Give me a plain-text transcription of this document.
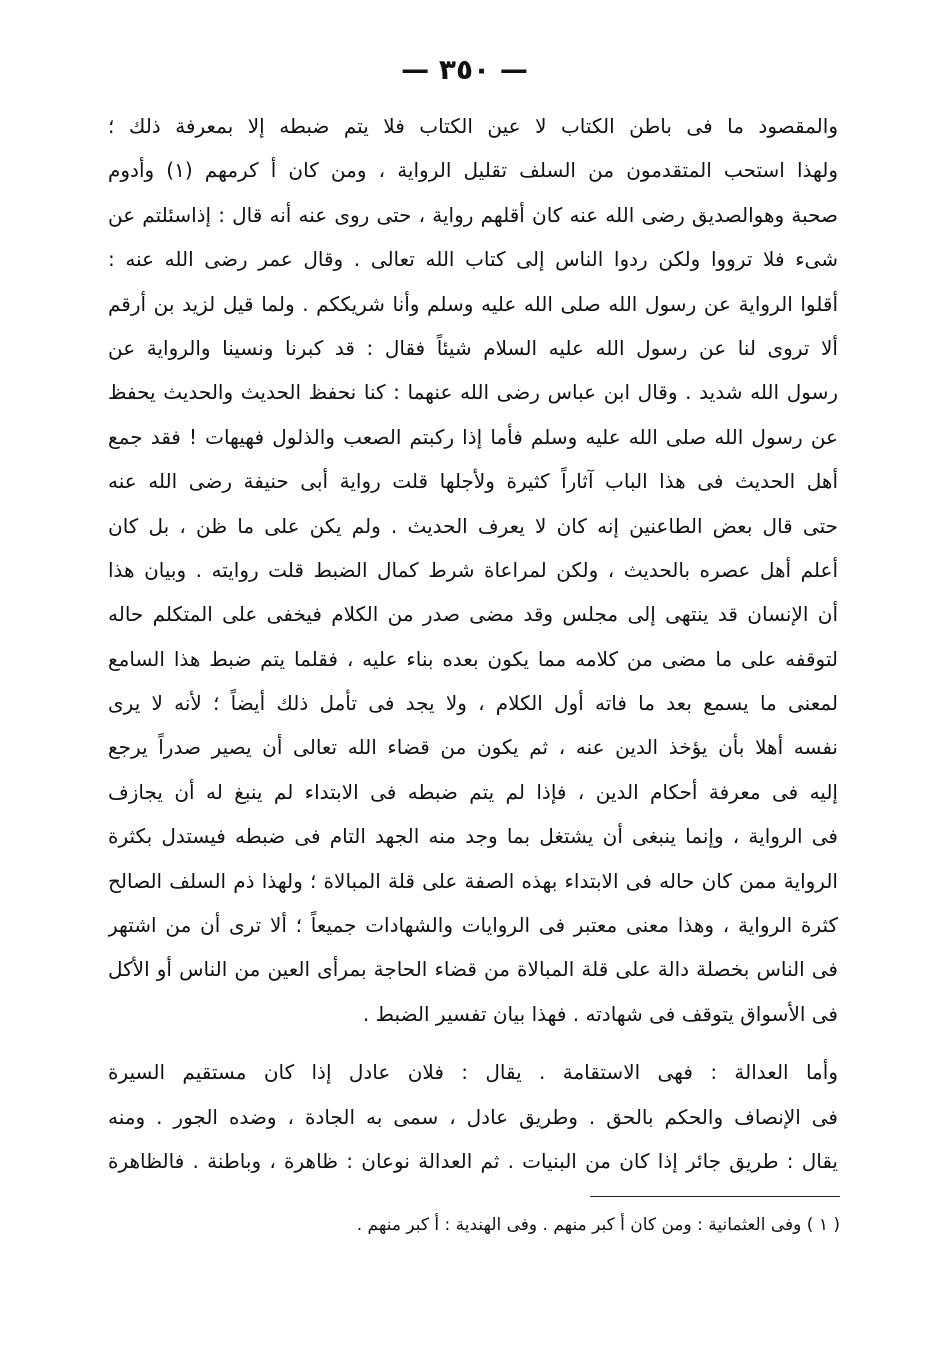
— ٣٥٠ —
والمقصود ما فى باطن الكتاب لا عين الكتاب فلا يتم ضبطه إلا بمعرفة ذلك ؛
ولهذا استحب المتقدمون من السلف تقليل الرواية ، ومن كان أ كرمهم (١) وأدوم
صحبة وهوالصديق رضى الله عنه كان أقلهم رواية ، حتى روى عنه أنه قال : إذاسئلتم عن
شىء فلا ترووا ولكن ردوا الناس إلى كتاب الله تعالى . وقال عمر رضى الله عنه :
أقلوا الرواية عن رسول الله صلى الله عليه وسلم وأنا شريككم . ولما قيل لزيد بن أرقم
ألا تروى لنا عن رسول الله عليه السلام شيئاً فقال : قد كبرنا ونسينا والرواية عن
رسول الله شديد . وقال ابن عباس رضى الله عنهما : كنا نحفظ الحديث والحديث يحفظ
عن رسول الله صلى الله عليه وسلم فأما إذا ركبتم الصعب والذلول فهيهات ! فقد جمع
أهل الحديث فى هذا الباب آثاراً كثيرة ولأجلها قلت رواية أبى حنيفة رضى الله عنه
حتى قال بعض الطاعنين إنه كان لا يعرف الحديث . ولم يكن على ما ظن ، بل كان
أعلم أهل عصره بالحديث ، ولكن لمراعاة شرط كمال الضبط قلت روايته . وبيان هذا
أن الإنسان قد ينتهى إلى مجلس وقد مضى صدر من الكلام فيخفى على المتكلم حاله
لتوقفه على ما مضى من كلامه مما يكون بعده بناء عليه ، فقلما يتم ضبط هذا السامع
لمعنى ما يسمع بعد ما فاته أول الكلام ، ولا يجد فى تأمل ذلك أيضاً ؛ لأنه لا يرى
نفسه أهلا بأن يؤخذ الدين عنه ، ثم يكون من قضاء الله تعالى أن يصير صدراً يرجع
إليه فى معرفة أحكام الدين ، فإذا لم يتم ضبطه فى الابتداء لم ينبغ له أن يجازف
فى الرواية ، وإنما ينبغى أن يشتغل بما وجد منه الجهد التام فى ضبطه فيستدل بكثرة
الرواية ممن كان حاله فى الابتداء بهذه الصفة على قلة المبالاة ؛ ولهذا ذم السلف الصالح
كثرة الرواية ، وهذا معنى معتبر فى الروايات والشهادات جميعاً ؛ ألا ترى أن من اشتهر
فى الناس بخصلة دالة على قلة المبالاة من قضاء الحاجة بمرأى العين من الناس أو الأكل
فى الأسواق يتوقف فى شهادته . فهذا بيان تفسير الضبط .
وأما العدالة : فهى الاستقامة . يقال : فلان عادل إذا كان مستقيم السيرة
فى الإنصاف والحكم بالحق . وطريق عادل ، سمى به الجادة ، وضده الجور . ومنه
يقال : طريق جائر إذا كان من البنيات . ثم العدالة نوعان : ظاهرة ، وباطنة . فالظاهرة
( ١ ) وفى العثمانية : ومن كان أ كبر منهم . وفى الهندية : أ كبر منهم .
